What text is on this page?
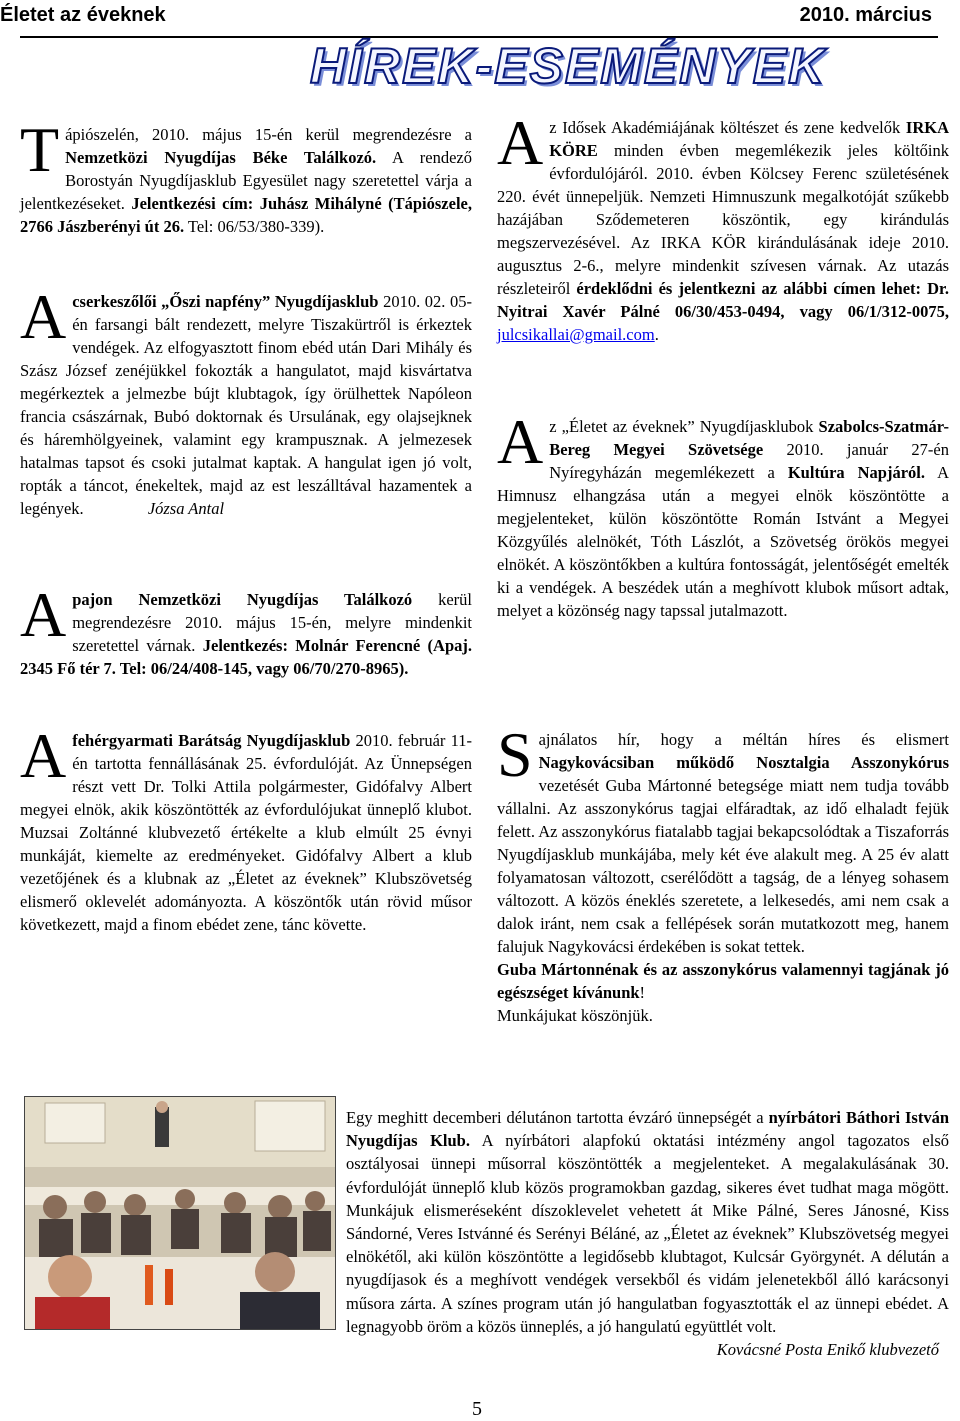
Életet az éveknek	2010. március
HÍREK-ESEMÉNYEK

Tápiószelén, 2010. május 15-én kerül megrendezésre a Nemzetközi Nyugdíjas Béke Találkozó. A rendező Borostyán Nyugdíjasklub Egyesület nagy szeretettel várja a jelentkezéseket. Jelentkezési cím: Juhász Mihályné (Tápiószele, 2766 Jászberényi út 26. Tel: 06/53/380-339).

Acserkeszőlői „Őszi napfény” Nyugdíjasklub 2010. 02. 05-én farsangi bált rendezett, melyre Tiszakürtről is érkeztek vendégek. Az elfogyasztott finom ebéd után Dari Mihály és Szász József zenéjükkel fokozták a hangulatot, majd kisvártatva megérkeztek a jelmezbe bújt klubtagok, így örülhettek Napóleon francia császárnak, Bubó doktornak és Ursulának, egy olajsejknek és háremhölgyeinek, valamint egy krampusznak. A jelmezesek hatalmas tapsot és csoki jutalmat kaptak. A hangulat igen jó volt, ropták a táncot, énekeltek, majd az est leszálltával hazamentek a legények.	Józsa Antal

Apajon Nemzetközi Nyugdíjas Találkozó kerül megrendezésre 2010. május 15-én, melyre mindenkit szeretettel várnak. Jelentkezés: Molnár Ferencné (Apaj. 2345 Fő tér 7. Tel: 06/24/408-145, vagy 06/70/270-8965).

Afehérgyarmati Barátság Nyugdíjasklub 2010. február 11-én tartotta fennállásának 25. évfordulóját. Az Ünnepségen részt vett Dr. Tolki Attila polgármester, Gidófalvy Albert megyei elnök, akik köszöntötték az évfordulójukat ünneplő klubot. Muzsai Zoltánné klubvezető értékelte a klub elmúlt 25 évnyi munkáját, kiemelte az eredményeket. Gidófalvy Albert a klub vezetőjének és a klubnak az „Életet az éveknek” Klubszövetség elismerő oklevelét adományozta. A köszöntők után rövid műsor következett, majd a finom ebédet zene, tánc követte.

Az Idősek Akadémiájának költészet és zene kedvelők IRKA KÖRE minden évben megemlékezik jeles költőink évfordulójáról. 2010. évben Kölcsey Ferenc születésének 220. évét ünnepeljük. Nemzeti Himnuszunk megalkotóját szűkebb hazájában Sződemeteren köszöntik, egy kirándulás megszervezésével. Az IRKA KÖR kirándulásának ideje 2010. augusztus 2-6., melyre mindenkit szívesen várnak. Az utazás részleteiről érdeklődni és jelentkezni az alábbi címen lehet: Dr. Nyitrai Xavér Pálné 06/30/453-0494, vagy 06/1/312-0075, julcsikallai@gmail.com.

Az „Életet az éveknek” Nyugdíjasklubok Szabolcs-Szatmár-Bereg Megyei Szövetsége 2010. január 27-én Nyíregyházán megemlékezett a Kultúra Napjáról. A Himnusz elhangzása után a megyei elnök köszöntötte a megjelenteket, külön köszöntötte Román Istvánt a Megyei Közgyűlés alelnökét, Tóth Lászlót, a Szövetség örökös megyei elnökét. A köszöntőkben a kultúra fontosságát, jelentőségét emelték ki a vendégek. A beszédek után a meghívott klubok műsort adtak, melyet a közönség nagy tapssal jutalmazott.

Sajnálatos hír, hogy a méltán híres és elismert Nagykovácsiban működő Nosztalgia Asszonykórus vezetését Guba Mártonné betegsége miatt nem tudja tovább vállalni. Az asszonykórus tagjai elfáradtak, az idő elhaladt fejük felett. Az asszonykórus fiatalabb tagjai bekapcsolódtak a Tiszaforrás Nyugdíjasklub munkájába, mely két éve alakult meg. A 25 év alatt folyamatosan változott, cserélődött a tagság, de a lényeg sohasem változott. A közös éneklés szeretete, a lelkesedés, ami nem csak a dalok iránt, nem csak a fellépések során mutatkozott meg, hanem falujuk Nagykovácsi érdekében is sokat tettek.

Guba Mártonnénak és az asszonykórus valamennyi tagjának jó egészséget kívánunk!

Munkájukat köszönjük.

Egy meghitt decemberi délutánon tartotta évzáró ünnepségét a nyírbátori Báthori István Nyugdíjas Klub. A nyírbátori alapfokú oktatási intézmény angol tagozatos első osztályosai ünnepi műsorral köszöntötték a megjelenteket. A megalakulásának 30. évfordulóját ünneplő klub közös programokban gazdag, sikeres évet tudhat maga mögött. Munkájuk elismeréseként díszoklevelet vehetett át Mike Pálné, Seres Jánosné, Kiss Sándorné, Veres Istvánné és Serényi Béláné, az „Életet az éveknek” Klubszövetség megyei elnökétől, aki külön köszöntötte a legidősebb klubtagot, Kulcsár Györgynét. A délután a nyugdíjasok és a meghívott vendégek versekből és vidám jelenetekből álló karácsonyi műsora zárta. A színes program után jó hangulatban fogyasztották el az ünnepi ebédet. A legnagyobb öröm a közös ünneplés, a jó hangulatú együttlét volt.

Kovácsné Posta Enikő klubvezető

5
